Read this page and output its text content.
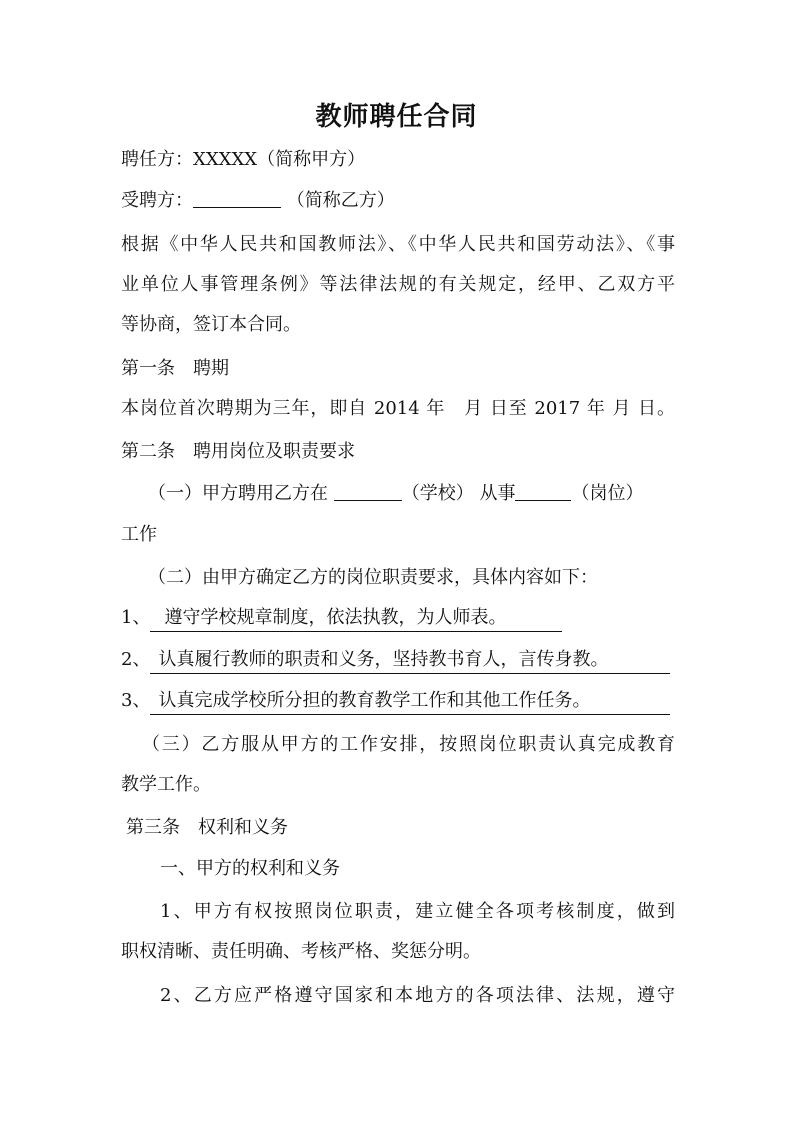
教师聘任合同
聘任方：XXXXX（简称甲方）
受聘方：	（简称乙方）
根据《中华人民共和国教师法》、《中华人民共和国劳动法》、《事
业单位人事管理条例》等法律法规的有关规定，经甲、乙双方平
等协商，签订本合同。
第一条　聘期
本岗位首次聘期为三年，即自 2014 年　月 日至 2017 年 月 日。
第二条　聘用岗位及职责要求
（一）甲方聘用乙方在	（学校） 从事	（岗位）
工作
（二）由甲方确定乙方的岗位职责要求，具体内容如下：
1、 遵守学校规章制度，依法执教，为人师表。
2、 认真履行教师的职责和义务，坚持教书育人，言传身教。
3、 认真完成学校所分担的教育教学工作和其他工作任务。
（三）乙方服从甲方的工作安排，按照岗位职责认真完成教育
教学工作。
第三条　权利和义务
一、甲方的权利和义务
1、甲方有权按照岗位职责，建立健全各项考核制度，做到
职权清晰、责任明确、考核严格、奖惩分明。
2、乙方应严格遵守国家和本地方的各项法律、法规，遵守
